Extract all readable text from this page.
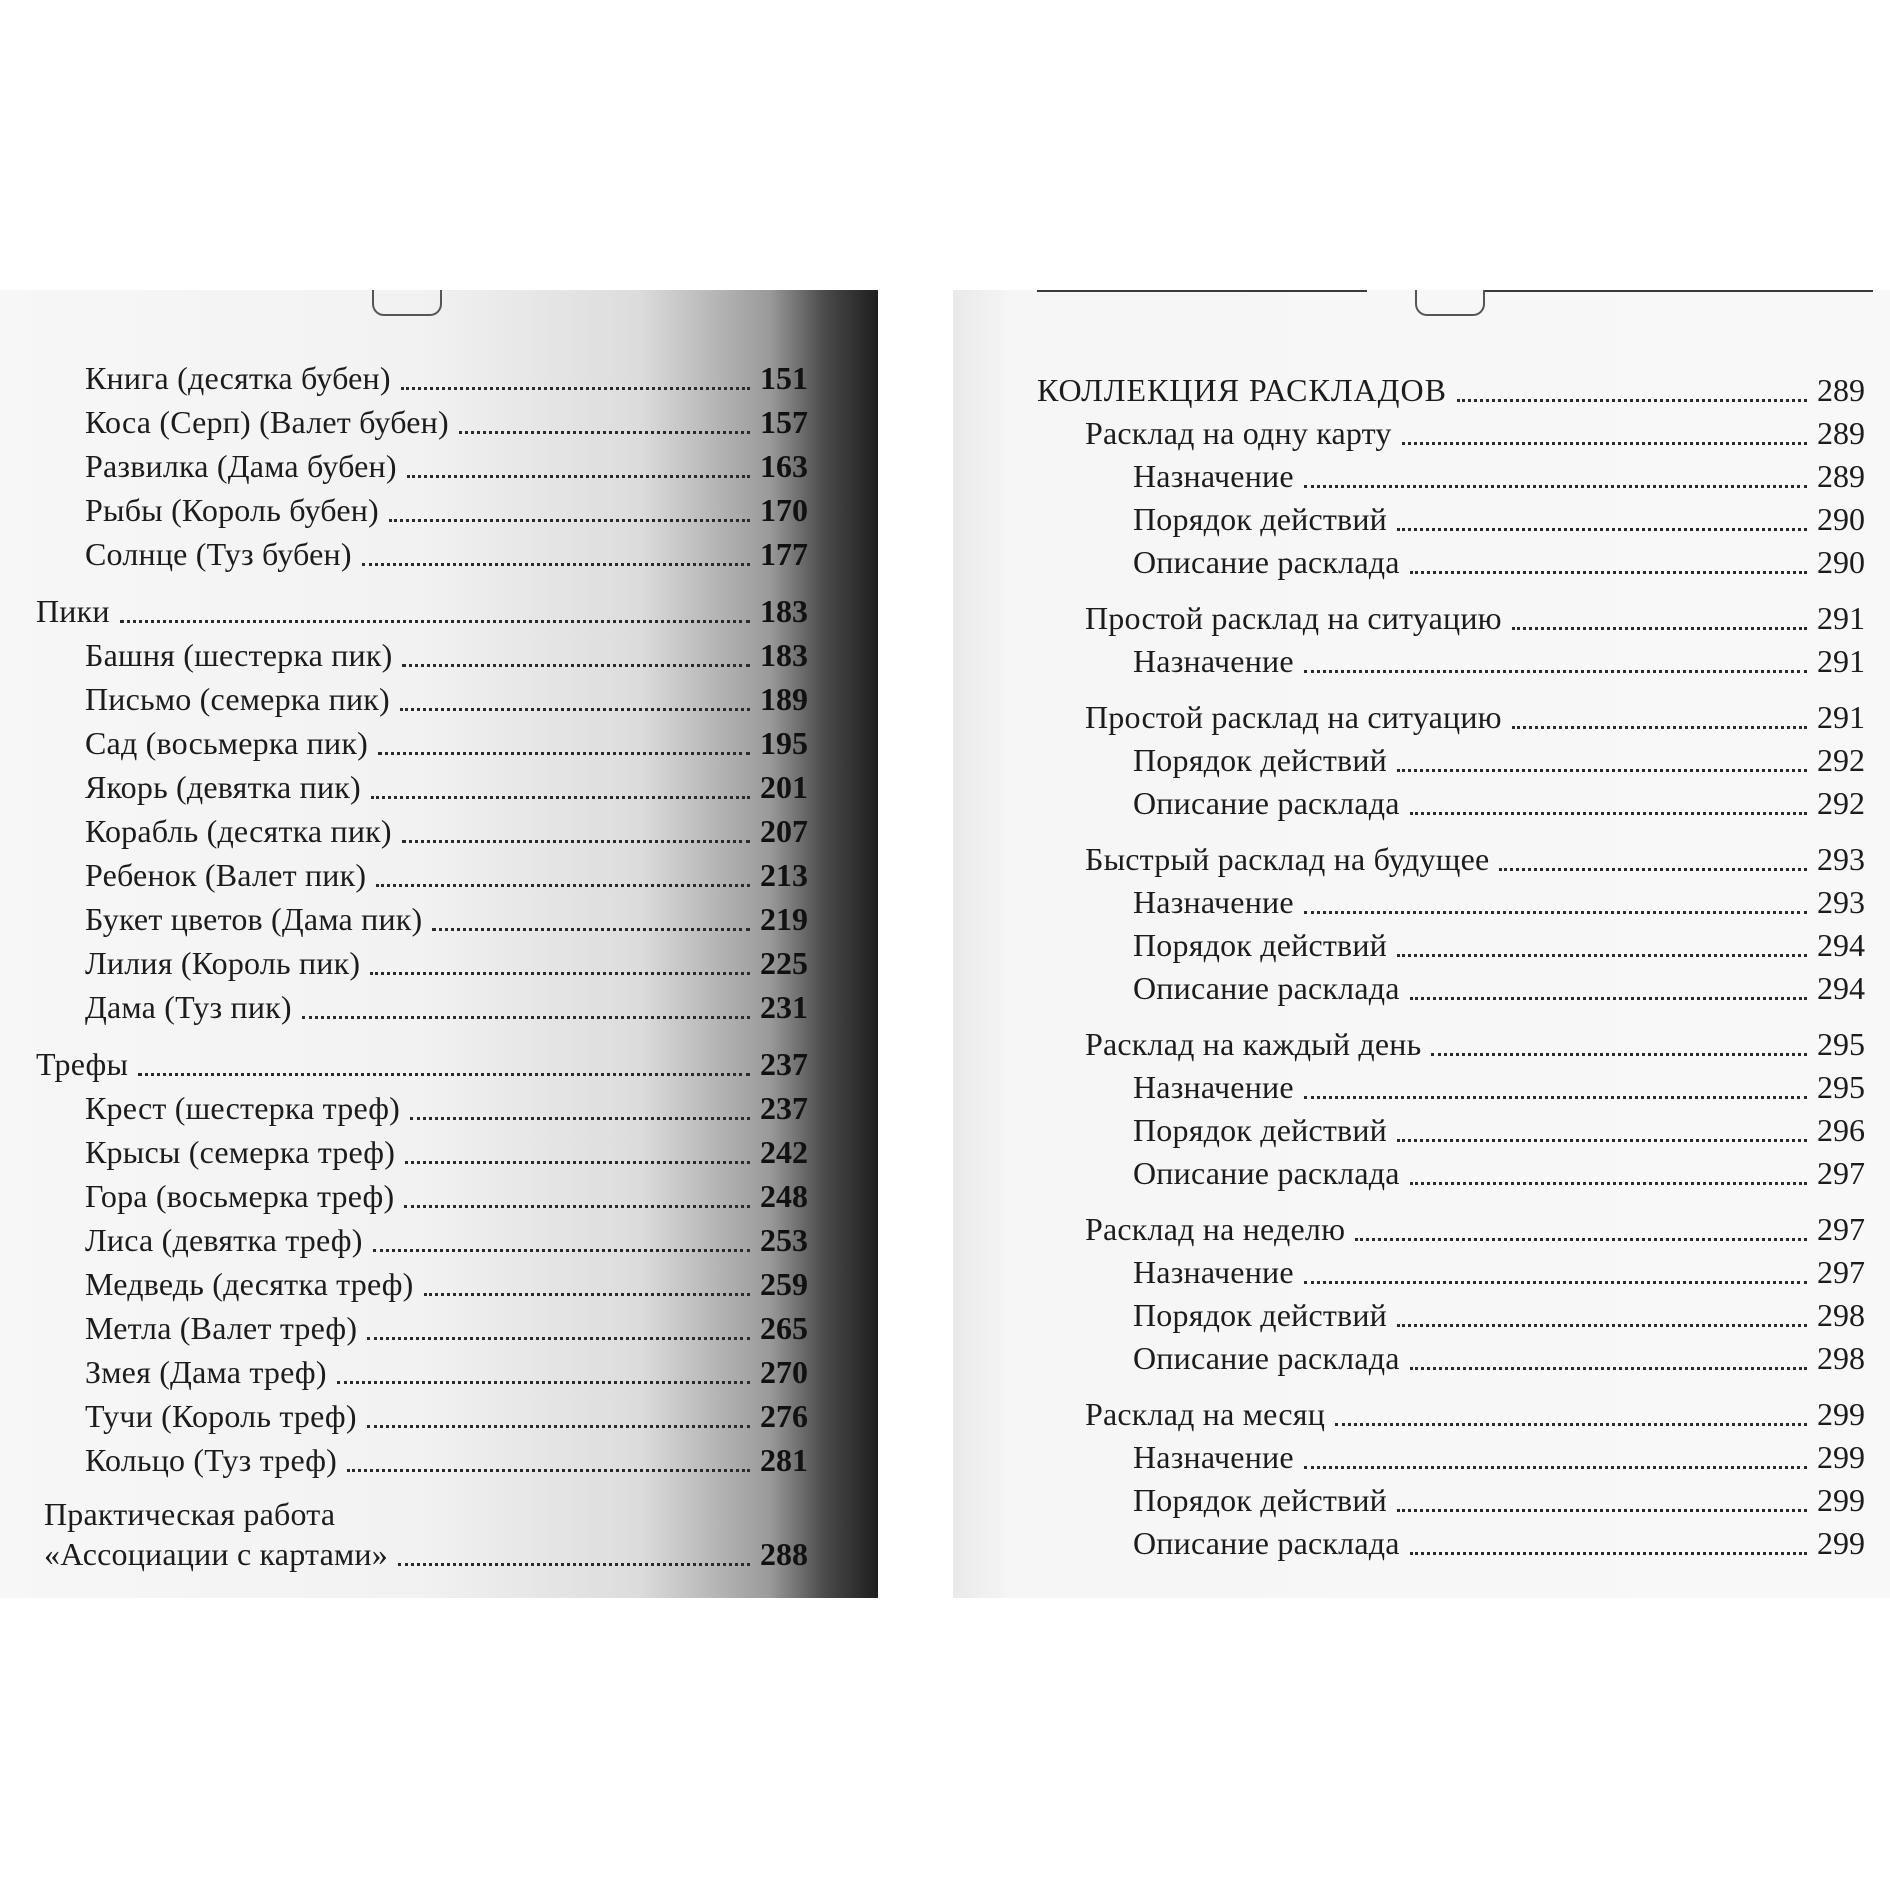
Книга (десятка бубен)	151
Коса (Серп) (Валет бубен)	157
Развилка (Дама бубен)	163
Рыбы (Король бубен)	170
Солнце (Туз бубен)	177
Пики	183
Башня (шестерка пик)	183
Письмо (семерка пик)	189
Сад (восьмерка пик)	195
Якорь (девятка пик)	201
Корабль (десятка пик)	207
Ребенок (Валет пик)	213
Букет цветов (Дама пик)	219
Лилия (Король пик)	225
Дама (Туз пик)	231
Трефы	237
Крест (шестерка треф)	237
Крысы (семерка треф)	242
Гора (восьмерка треф)	248
Лиса (девятка треф)	253
Медведь (десятка треф)	259
Метла (Валет треф)	265
Змея (Дама треф)	270
Тучи (Король треф)	276
Кольцо (Туз треф)	281
Практическая работа
«Ассоциации с картами»	288
КОЛЛЕКЦИЯ РАСКЛАДОВ	289
Расклад на одну карту	289
Назначение	289
Порядок действий	290
Описание расклада	290
Простой расклад на ситуацию	291
Назначение	291
Простой расклад на ситуацию	291
Порядок действий	292
Описание расклада	292
Быстрый расклад на будущее	293
Назначение	293
Порядок действий	294
Описание расклада	294
Расклад на каждый день	295
Назначение	295
Порядок действий	296
Описание расклада	297
Расклад на неделю	297
Назначение	297
Порядок действий	298
Описание расклада	298
Расклад на месяц	299
Назначение	299
Порядок действий	299
Описание расклада	299
